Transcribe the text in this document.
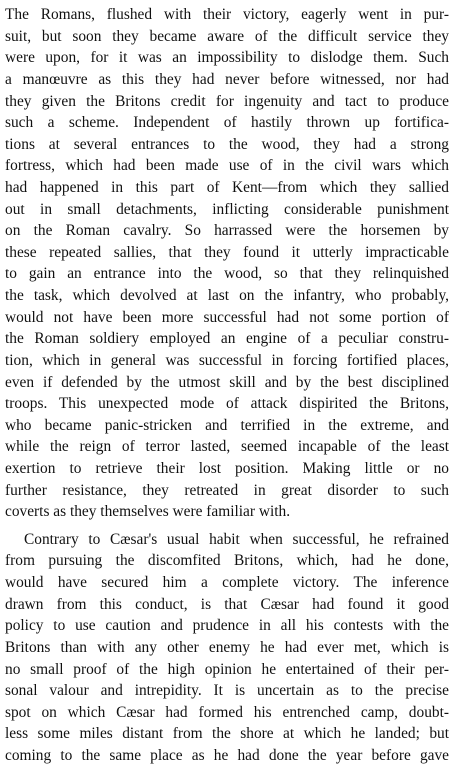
The Romans, flushed with their victory, eagerly went in pur-
suit, but soon they became aware of the difficult service they
were upon, for it was an impossibility to dislodge them. Such
a manœuvre as this they had never before witnessed, nor had
they given the Britons credit for ingenuity and tact to produce
such a scheme. Independent of hastily thrown up fortifica-
tions at several entrances to the wood, they had a strong
fortress, which had been made use of in the civil wars which
had happened in this part of Kent—from which they sallied
out in small detachments, inflicting considerable punishment
on the Roman cavalry. So harrassed were the horsemen by
these repeated sallies, that they found it utterly impracticable
to gain an entrance into the wood, so that they relinquished
the task, which devolved at last on the infantry, who probably,
would not have been more successful had not some portion of
the Roman soldiery employed an engine of a peculiar constru-
tion, which in general was successful in forcing fortified places,
even if defended by the utmost skill and by the best disciplined
troops. This unexpected mode of attack dispirited the Britons,
who became panic-stricken and terrified in the extreme, and
while the reign of terror lasted, seemed incapable of the least
exertion to retrieve their lost position. Making little or no
further resistance, they retreated in great disorder to such
coverts as they themselves were familiar with.
Contrary to Cæsar's usual habit when successful, he refrained
from pursuing the discomfited Britons, which, had he done,
would have secured him a complete victory. The inference
drawn from this conduct, is that Cæsar had found it good
policy to use caution and prudence in all his contests with the
Britons than with any other enemy he had ever met, which is
no small proof of the high opinion he entertained of their per-
sonal valour and intrepidity. It is uncertain as to the precise
spot on which Cæsar had formed his entrenched camp, doubt-
less some miles distant from the shore at which he landed; but
coming to the same place as he had done the year before gave
